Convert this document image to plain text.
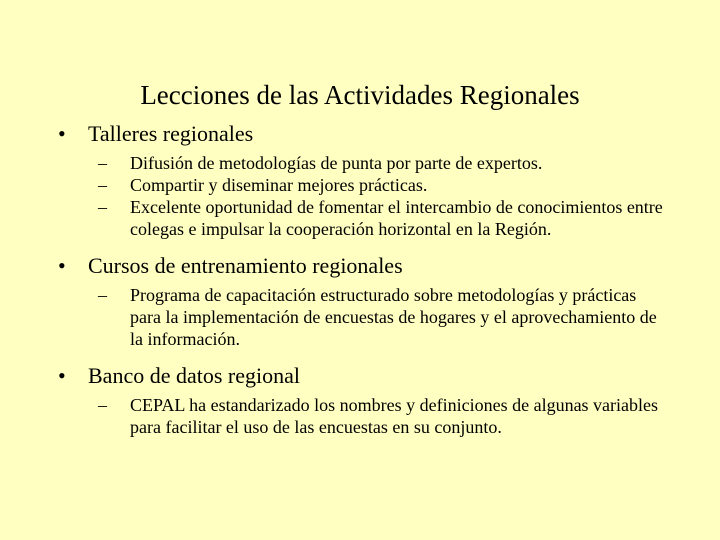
Lecciones de las Actividades Regionales
•	Talleres regionales
–	Difusión de metodologías de punta por parte de expertos.
–	Compartir y diseminar mejores prácticas.
–	Excelente oportunidad de fomentar el intercambio de conocimientos entre colegas e impulsar la cooperación horizontal en la Región.
•	Cursos de entrenamiento regionales
–	Programa de capacitación estructurado sobre metodologías y prácticas para la implementación de encuestas de hogares y el aprovechamiento de la información.
•	Banco de datos regional
–	CEPAL ha estandarizado los nombres y definiciones de algunas variables para facilitar el uso de las encuestas en su conjunto.
